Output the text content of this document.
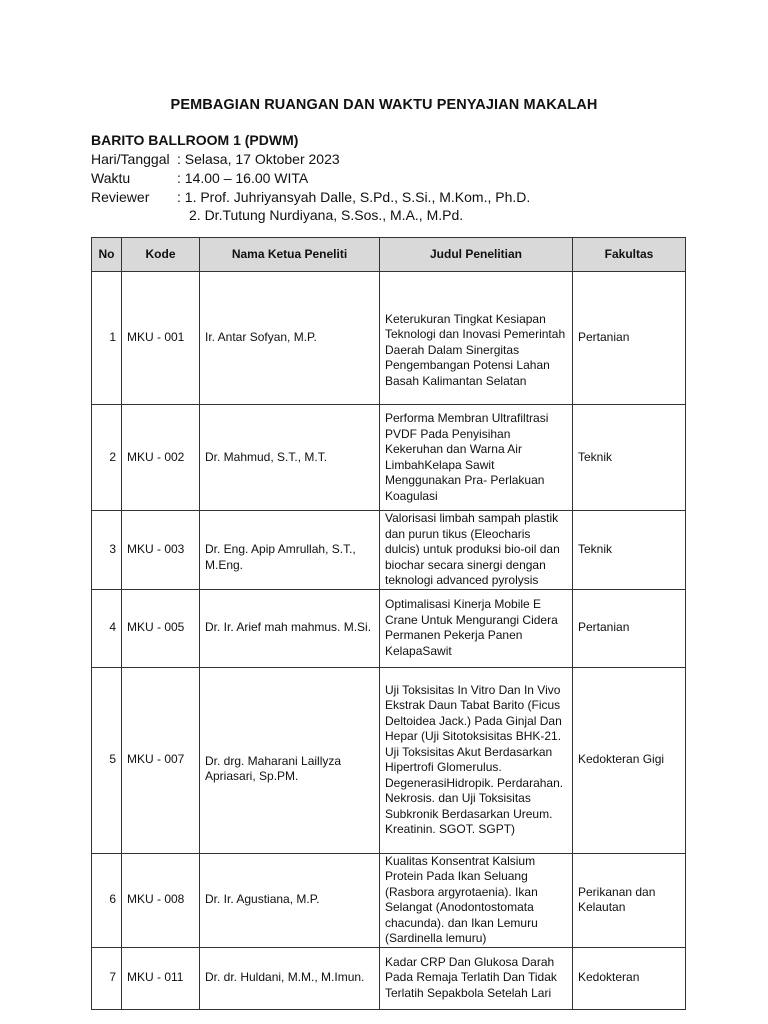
PEMBAGIAN RUANGAN DAN WAKTU PENYAJIAN MAKALAH
BARITO BALLROOM 1 (PDWM)
Hari/Tanggal : Selasa, 17 Oktober 2023
Waktu	: 14.00 – 16.00 WITA
Reviewer : 1. Prof. Juhriyansyah Dalle, S.Pd., S.Si., M.Kom., Ph.D.
2. Dr.Tutung Nurdiyana, S.Sos., M.A., M.Pd.
No	Kode	Nama Ketua Peneliti	Judul Penelitian	Fakultas
1	MKU - 001	Ir. Antar Sofyan, M.P.	Keterukuran Tingkat Kesiapan Teknologi dan Inovasi Pemerintah Daerah Dalam Sinergitas Pengembangan Potensi Lahan Basah Kalimantan Selatan	Pertanian
2	MKU - 002	Dr. Mahmud, S.T., M.T.	Performa Membran Ultrafiltrasi PVDF Pada Penyisihan Kekeruhan dan Warna Air LimbahKelapa Sawit Menggunakan Pra- Perlakuan Koagulasi	Teknik
3	MKU - 003	Dr. Eng. Apip Amrullah, S.T., M.Eng.	Valorisasi limbah sampah plastik dan purun tikus (Eleocharis dulcis) untuk produksi bio-oil dan biochar secara sinergi dengan teknologi advanced pyrolysis	Teknik
4	MKU - 005	Dr. Ir. Arief mah mahmus. M.Si.	Optimalisasi Kinerja Mobile E Crane Untuk Mengurangi Cidera Permanen Pekerja Panen KelapaSawit	Pertanian
5	MKU - 007	Dr. drg. Maharani Laillyza Apriasari, Sp.PM.	Uji Toksisitas In Vitro Dan In Vivo Ekstrak Daun Tabat Barito (Ficus Deltoidea Jack.) Pada Ginjal Dan Hepar (Uji Sitotoksisitas BHK-21. Uji Toksisitas Akut Berdasarkan Hipertrofi Glomerulus. DegenerasiHidropik. Perdarahan. Nekrosis. dan Uji Toksisitas Subkronik Berdasarkan Ureum. Kreatinin. SGOT. SGPT)	Kedokteran Gigi
6	MKU - 008	Dr. Ir. Agustiana, M.P.	Kualitas Konsentrat Kalsium Protein Pada Ikan Seluang (Rasbora argyrotaenia). Ikan Selangat (Anodontostomata chacunda). dan Ikan Lemuru (Sardinella lemuru)	Perikanan dan Kelautan
7	MKU - 011	Dr. dr. Huldani, M.M., M.Imun.	Kadar CRP Dan Glukosa Darah Pada Remaja Terlatih Dan Tidak Terlatih Sepakbola Setelah Lari	Kedokteran
